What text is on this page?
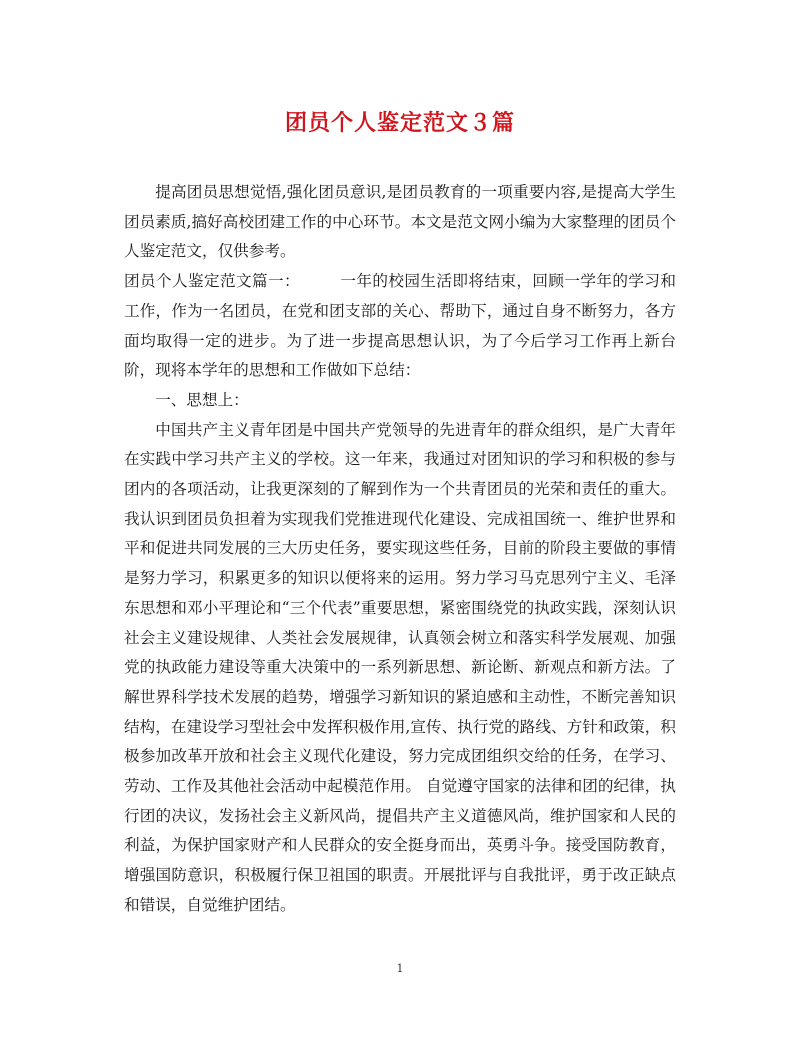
团员个人鉴定范文３篇

提高团员思想觉悟,强化团员意识,是团员教育的一项重要内容,是提高大学生团员素质,搞好高校团建工作的中心环节。本文是范文网小编为大家整理的团员个人鉴定范文，仅供参考。

团员个人鉴定范文篇一：	一年的校园生活即将结束，回顾一学年的学习和工作，作为一名团员，在党和团支部的关心、帮助下，通过自身不断努力，各方面均取得一定的进步。为了进一步提高思想认识，为了今后学习工作再上新台阶，现将本学年的思想和工作做如下总结：

一、思想上：

中国共产主义青年团是中国共产党领导的先进青年的群众组织，是广大青年在实践中学习共产主义的学校。这一年来，我通过对团知识的学习和积极的参与团内的各项活动，让我更深刻的了解到作为一个共青团员的光荣和责任的重大。我认识到团员负担着为实现我们党推进现代化建设、完成祖国统一、维护世界和平和促进共同发展的三大历史任务，要实现这些任务，目前的阶段主要做的事情是努力学习，积累更多的知识以便将来的运用。努力学习马克思列宁主义、毛泽东思想和邓小平理论和“三个代表”重要思想，紧密围绕党的执政实践，深刻认识社会主义建设规律、人类社会发展规律，认真领会树立和落实科学发展观、加强党的执政能力建设等重大决策中的一系列新思想、新论断、新观点和新方法。了解世界科学技术发展的趋势，增强学习新知识的紧迫感和主动性，不断完善知识结构，在建设学习型社会中发挥积极作用,宣传、执行党的路线、方针和政策，积极参加改革开放和社会主义现代化建设，努力完成团组织交给的任务，在学习、劳动、工作及其他社会活动中起模范作用。 自觉遵守国家的法律和团的纪律，执行团的决议，发扬社会主义新风尚，提倡共产主义道德风尚，维护国家和人民的利益，为保护国家财产和人民群众的安全挺身而出，英勇斗争。接受国防教育，增强国防意识，积极履行保卫祖国的职责。开展批评与自我批评，勇于改正缺点和错误，自觉维护团结。

1
